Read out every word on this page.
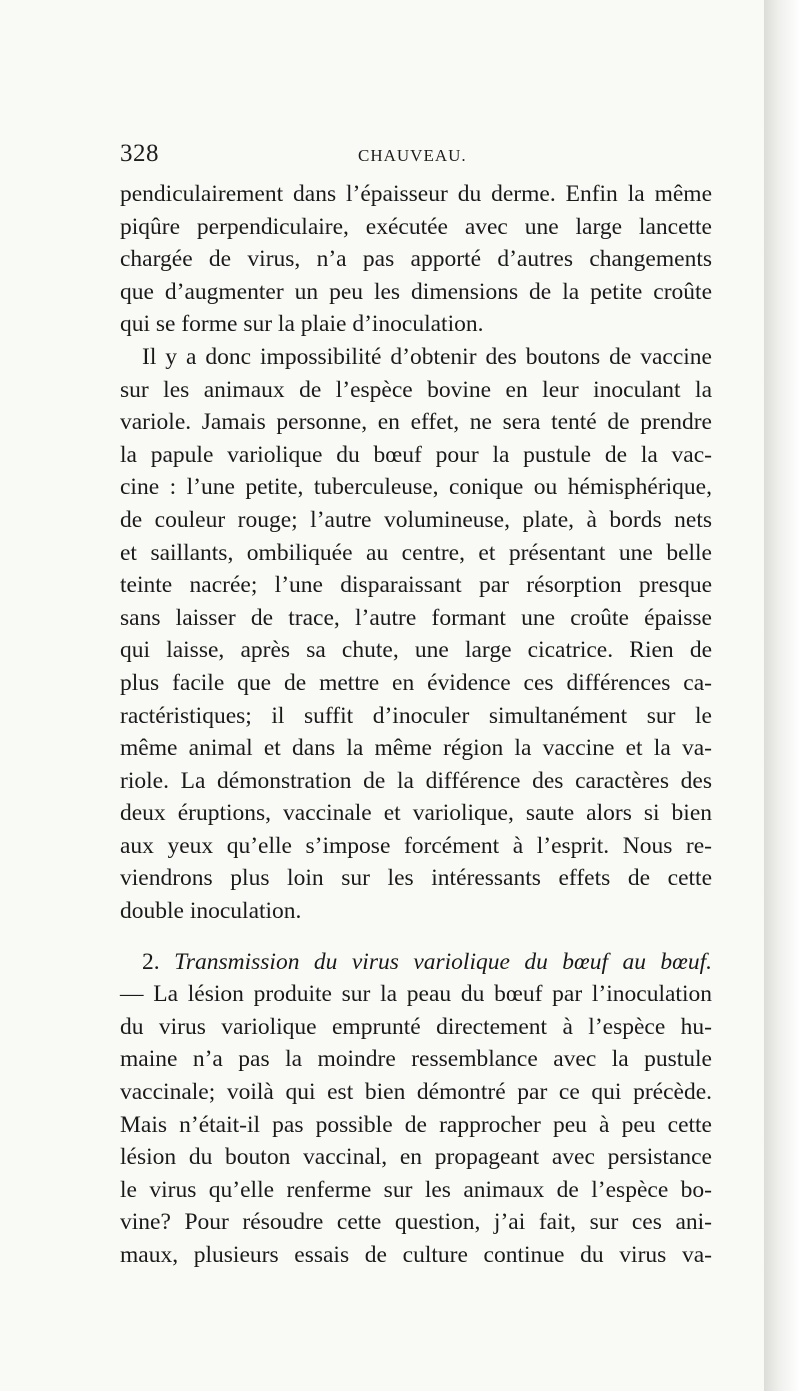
328	CHAUVEAU.
pendiculairement dans l’épaisseur du derme. Enfin la même
piqûre perpendiculaire, exécutée avec une large lancette
chargée de virus, n’a pas apporté d’autres changements
que d’augmenter un peu les dimensions de la petite croûte
qui se forme sur la plaie d’inoculation.
Il y a donc impossibilité d’obtenir des boutons de vaccine
sur les animaux de l’espèce bovine en leur inoculant la
variole. Jamais personne, en effet, ne sera tenté de prendre
la papule variolique du bœuf pour la pustule de la vac-
cine : l’une petite, tuberculeuse, conique ou hémisphérique,
de couleur rouge; l’autre volumineuse, plate, à bords nets
et saillants, ombiliquée au centre, et présentant une belle
teinte nacrée; l’une disparaissant par résorption presque
sans laisser de trace, l’autre formant une croûte épaisse
qui laisse, après sa chute, une large cicatrice. Rien de
plus facile que de mettre en évidence ces différences ca-
ractéristiques; il suffit d’inoculer simultanément sur le
même animal et dans la même région la vaccine et la va-
riole. La démonstration de la différence des caractères des
deux éruptions, vaccinale et variolique, saute alors si bien
aux yeux qu’elle s’impose forcément à l’esprit. Nous re-
viendrons plus loin sur les intéressants effets de cette
double inoculation.
2. Transmission du virus variolique du bœuf au bœuf.
— La lésion produite sur la peau du bœuf par l’inoculation
du virus variolique emprunté directement à l’espèce hu-
maine n’a pas la moindre ressemblance avec la pustule
vaccinale; voilà qui est bien démontré par ce qui précède.
Mais n’était-il pas possible de rapprocher peu à peu cette
lésion du bouton vaccinal, en propageant avec persistance
le virus qu’elle renferme sur les animaux de l’espèce bo-
vine? Pour résoudre cette question, j’ai fait, sur ces ani-
maux, plusieurs essais de culture continue du virus va-
